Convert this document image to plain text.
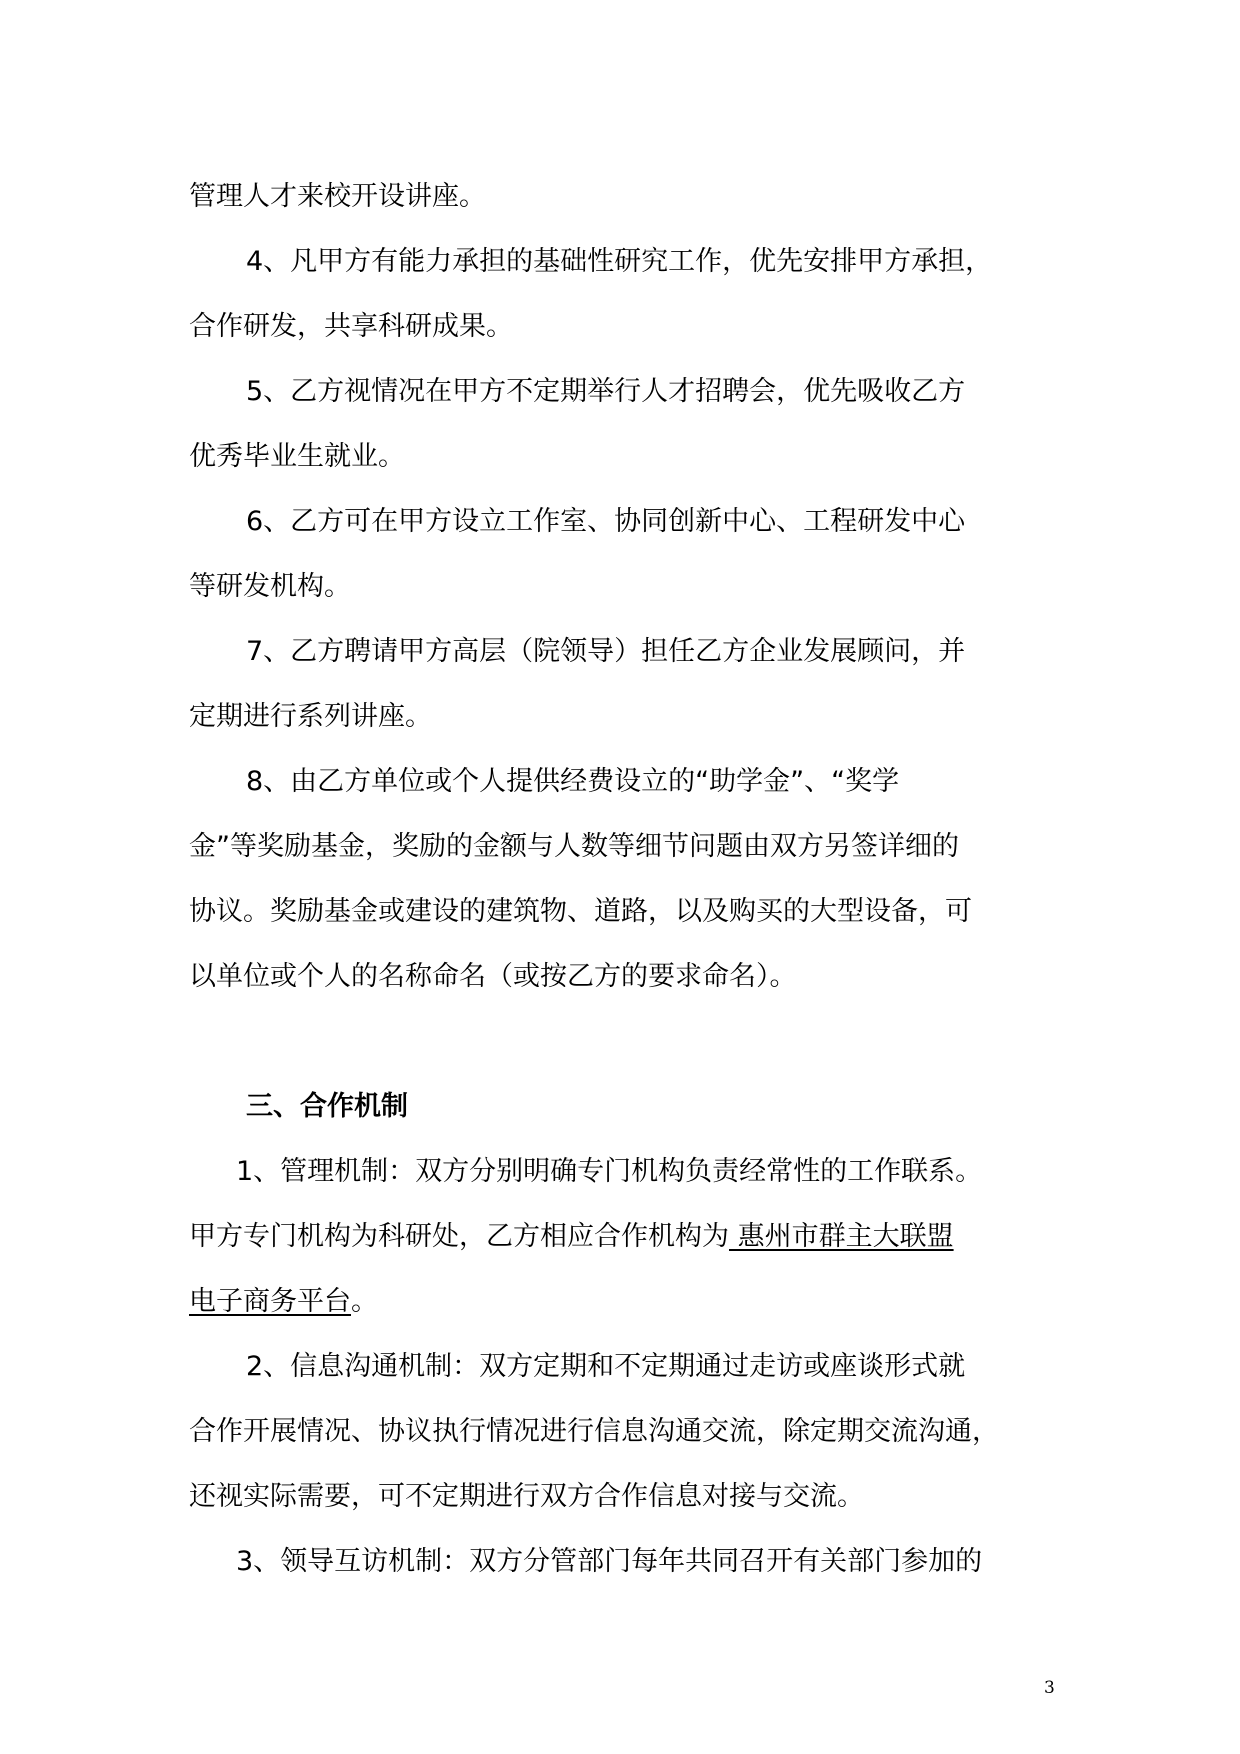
管理人才来校开设讲座。
4、凡甲方有能力承担的基础性研究工作，优先安排甲方承担，
合作研发，共享科研成果。
5、乙方视情况在甲方不定期举行人才招聘会，优先吸收乙方
优秀毕业生就业。
6、乙方可在甲方设立工作室、协同创新中心、工程研发中心
等研发机构。
7、乙方聘请甲方高层（院领导）担任乙方企业发展顾问，并
定期进行系列讲座。
8、由乙方单位或个人提供经费设立的“助学金”、“奖学
金”等奖励基金，奖励的金额与人数等细节问题由双方另签详细的
协议。奖励基金或建设的建筑物、道路，以及购买的大型设备，可
以单位或个人的名称命名（或按乙方的要求命名）。
三、合作机制
1、管理机制：双方分别明确专门机构负责经常性的工作联系。
甲方专门机构为科研处，乙方相应合作机构为 惠州市群主大联盟
电子商务平台。
2、信息沟通机制：双方定期和不定期通过走访或座谈形式就
合作开展情况、协议执行情况进行信息沟通交流，除定期交流沟通，
还视实际需要，可不定期进行双方合作信息对接与交流。
3、领导互访机制：双方分管部门每年共同召开有关部门参加的
3
